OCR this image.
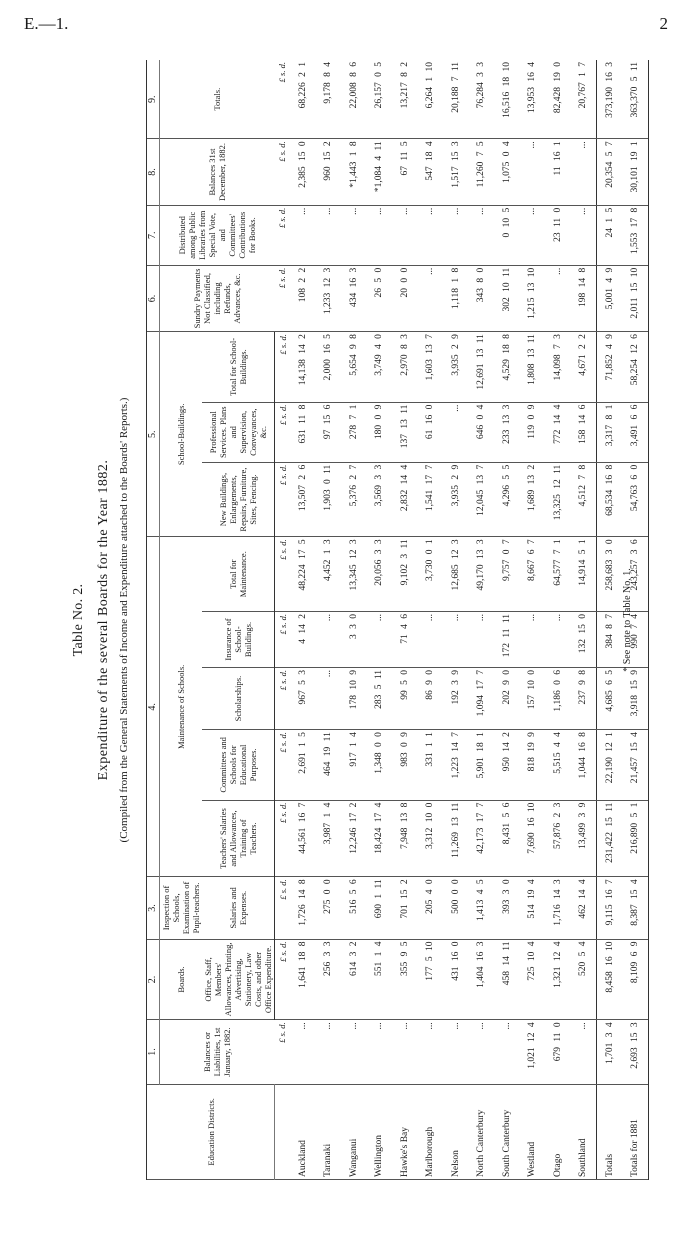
E.—1.	2
Table No. 2. Expenditure of the several Boards for the Year 1882. (Compiled from the General Statements of Income and Expenditure attached to the Boards' Reports.)
Education Districts.	1.	2.	3.	4.					5.			6.	7.	8.	9.
	Balances or Liabilities, 1st January, 1882.	Boards.	Inspection of Schools, Examination of Pupil-teachers.	Maintenance of Schools.					School-Buildings.			Sundry Payments Not Classified, including Refunds, Advances, &c.	Distributed among Public Libraries from Special Vote, and Committees' Contributions for Books.	Balances 31st December, 1882.	Totals.
		Office, Staff, Members' Allowances, Printing, Advertising, Stationery, Law Costs, and other Office Expenditure.	Salaries and Expenses.	Teachers' Salaries and Allowances, Training of Teachers.	Committees and Schools for Educational Purposes.	Scholarships.	Insurance of School-Buildings.	Total for Maintenance.	New Buildings, Enlargements, Repairs, Furniture, Sites, Fencing.	Professional Services. Plans and Supervision, Conveyances, &c.	Total for School-Buildings.				
	£ s. d.	£ s. d.	£ s. d.	£ s. d.	£ s. d.	£ s. d.	£ s. d.	£ s. d.	£ s. d.	£ s. d.	£ s. d.	£ s. d.	£ s. d.	£ s. d.	£ s. d.
Auckland	...	1,641 18 8	1,726 14 8	44,561 16 7	2,691 1 5	967 5 3	4 14 2	48,224 17 5	13,507 2 6	631 11 8	14,138 14 2	108 2 2	...	2,385 15 0	68,226 2 1
Taranaki	...	256 3 3	275 0 0	3,987 1 4	464 19 11	...	...	4,452 1 3	1,903 0 11	97 15 6	2,000 16 5	1,233 12 3	...	960 15 2	9,178 8 4
Wanganui	...	614 3 2	516 5 6	12,246 17 2	917 1 4	178 10 9	3 3 0	13,345 12 3	5,376 2 7	278 7 1	5,654 9 8	434 16 3	...	*1,443 1 8	22,008 8 6
Wellington	...	551 1 4	690 1 11	18,424 17 4	1,348 0 0	283 5 11	...	20,056 3 3	3,569 3 3	180 0 9	3,749 4 0	26 5 0	...	*1,084 4 11	26,157 0 5
Hawke's Bay	...	355 9 5	701 15 2	7,948 13 8	983 0 9	99 5 0	71 4 6	9,102 3 11	2,832 14 4	137 13 11	2,970 8 3	20 0 0	...	67 11 5	13,217 8 2
Marlborough	...	177 5 10	205 4 0	3,312 10 0	331 1 1	86 9 0	...	3,730 0 1	1,541 17 7	61 16 0	1,603 13 7	...	...	547 18 4	6,264 1 10
Nelson	...	431 16 0	500 0 0	11,269 13 11	1,223 14 7	192 3 9	...	12,685 12 3	3,935 2 9	...	3,935 2 9	1,118 1 8	...	1,517 15 3	20,188 7 11
North Canterbury	...	1,404 16 3	1,413 4 5	42,173 17 7	5,901 18 1	1,094 17 7	...	49,170 13 3	12,045 13 7	646 0 4	12,691 13 11	343 8 0	...	11,260 7 5	76,284 3 3
South Canterbury	...	458 14 11	393 3 0	8,431 5 6	950 14 2	202 9 0	172 11 11	9,757 0 7	4,296 5 5	233 13 3	4,529 18 8	302 10 11	0 10 5	1,075 0 4	16,516 18 10
Westland	1,021 12 4	725 10 4	514 19 4	7,690 16 10	818 19 9	157 10 0	...	8,667 6 7	1,689 13 2	119 0 9	1,808 13 11	1,215 13 10	...	...	13,953 16 4
Otago	679 11 0	1,321 12 4	1,716 14 3	57,876 2 3	5,515 4 4	1,186 0 6	...	64,577 7 1	13,325 12 11	772 14 4	14,098 7 3	...	23 11 0	11 16 1	82,428 19 0
Southland	...	520 5 4	462 14 4	13,499 3 9	1,044 16 8	237 9 8	132 15 0	14,914 5 1	4,512 7 8	158 14 6	4,671 2 2	198 14 8	...	...	20,767 1 7
Totals	1,701 3 4	8,458 16 10	9,115 16 7	231,422 15 11	22,190 12 1	4,685 6 5	384 8 7	258,683 3 0	68,534 16 8	3,317 8 1	71,852 4 9	5,001 4 9	24 1 5	20,354 5 7	373,190 16 3
Totals for 1881	2,693 15 3	8,109 6 9	8,387 15 4	216,890 5 1	21,457 15 4	3,918 15 9	990 7 4	243,257 3 6	54,763 6 0	3,491 6 6	58,254 12 6	2,011 15 10	1,553 17 8	30,101 19 1	363,370 5 11
* See note to Table No. 1.
